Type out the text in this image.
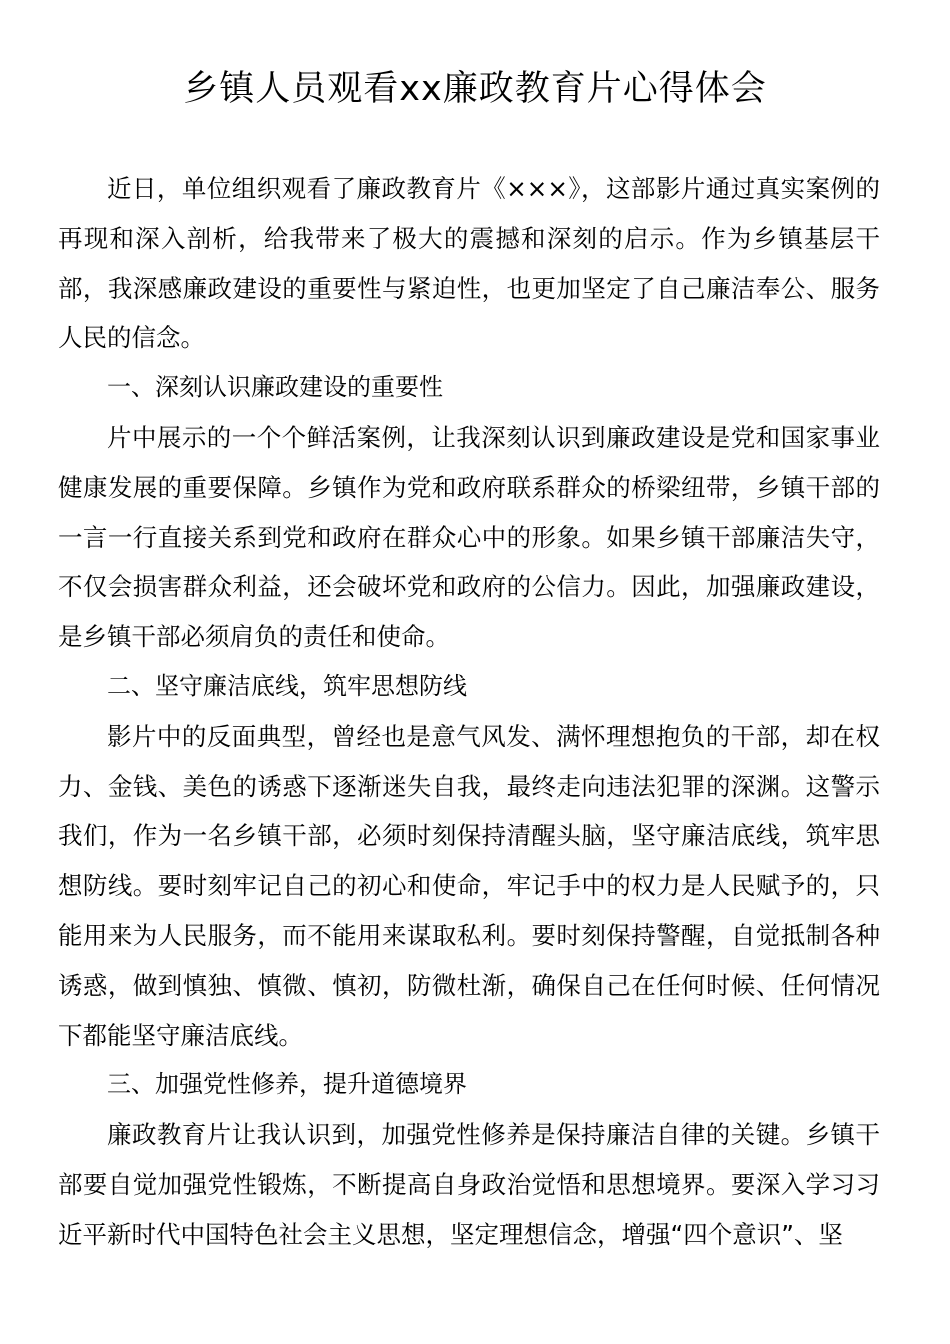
乡镇人员观看xx廉政教育片心得体会

近日，单位组织观看了廉政教育片《×××》，这部影片通过真实案例的再现和深入剖析，给我带来了极大的震撼和深刻的启示。作为乡镇基层干部，我深感廉政建设的重要性与紧迫性，也更加坚定了自己廉洁奉公、服务人民的信念。

一、深刻认识廉政建设的重要性

片中展示的一个个鲜活案例，让我深刻认识到廉政建设是党和国家事业健康发展的重要保障。乡镇作为党和政府联系群众的桥梁纽带，乡镇干部的一言一行直接关系到党和政府在群众心中的形象。如果乡镇干部廉洁失守，不仅会损害群众利益，还会破坏党和政府的公信力。因此，加强廉政建设，是乡镇干部必须肩负的责任和使命。

二、坚守廉洁底线，筑牢思想防线

影片中的反面典型，曾经也是意气风发、满怀理想抱负的干部，却在权力、金钱、美色的诱惑下逐渐迷失自我，最终走向违法犯罪的深渊。这警示我们，作为一名乡镇干部，必须时刻保持清醒头脑，坚守廉洁底线，筑牢思想防线。要时刻牢记自己的初心和使命，牢记手中的权力是人民赋予的，只能用来为人民服务，而不能用来谋取私利。要时刻保持警醒，自觉抵制各种诱惑，做到慎独、慎微、慎初，防微杜渐，确保自己在任何时候、任何情况下都能坚守廉洁底线。

三、加强党性修养，提升道德境界

廉政教育片让我认识到，加强党性修养是保持廉洁自律的关键。乡镇干部要自觉加强党性锻炼，不断提高自身政治觉悟和思想境界。要深入学习习近平新时代中国特色社会主义思想，坚定理想信念，增强“四个意识”、坚
